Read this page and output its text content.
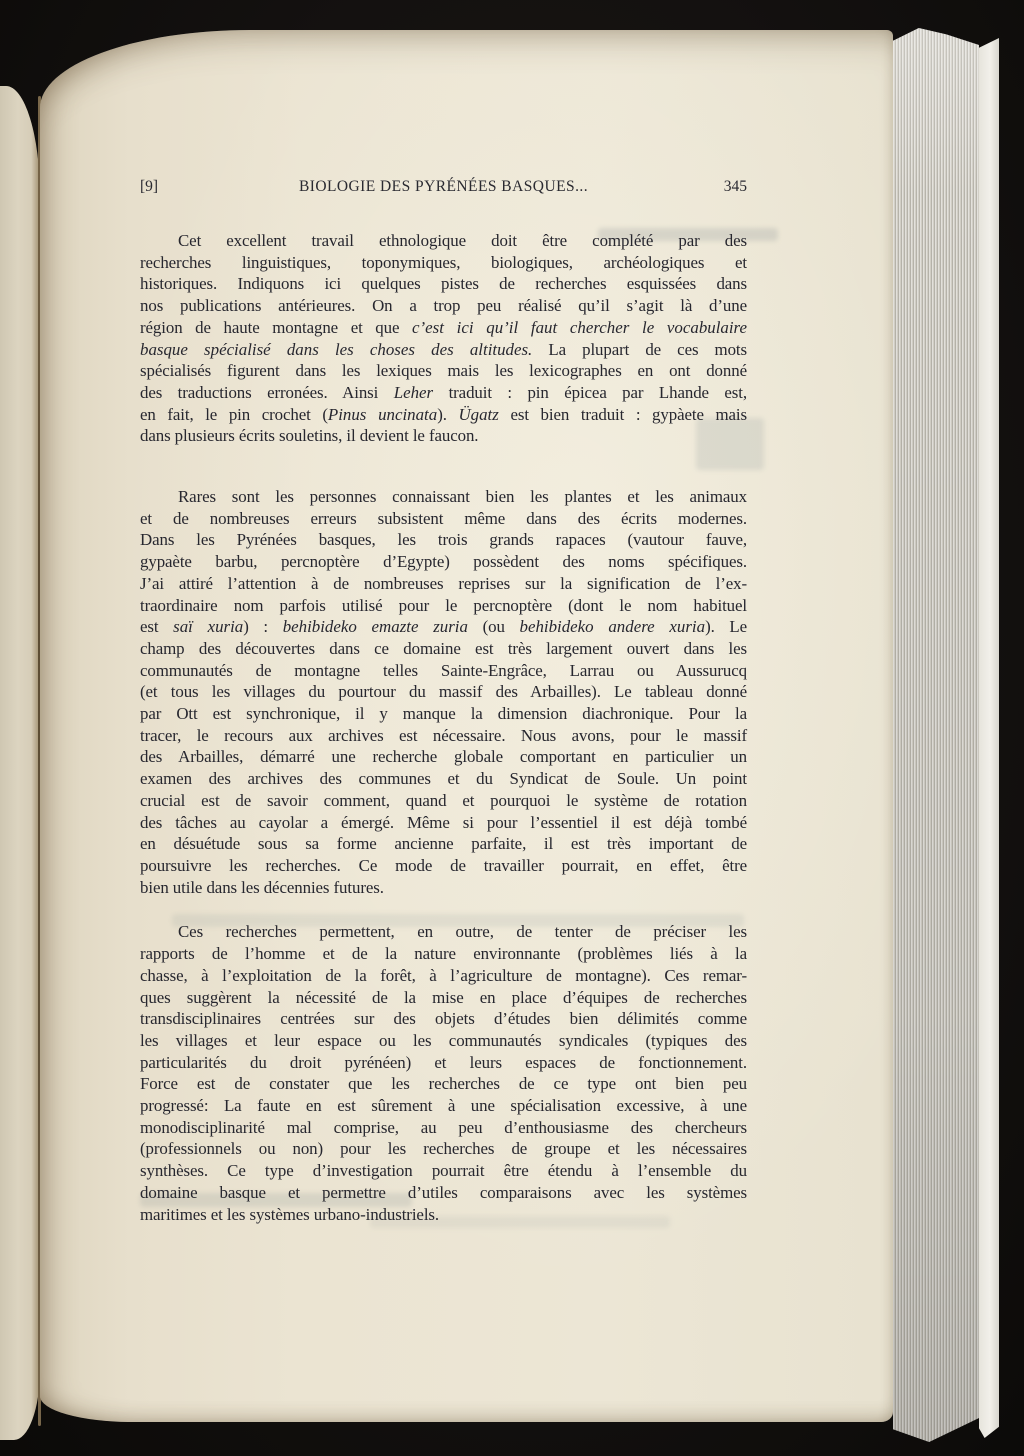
[9]	BIOLOGIE DES PYRÉNÉES BASQUES...	345
Cet excellent travail ethnologique doit être complété par des
recherches linguistiques, toponymiques, biologiques, archéologiques et
historiques. Indiquons ici quelques pistes de recherches esquissées dans
nos publications antérieures. On a trop peu réalisé qu’il s’agit là d’une
région de haute montagne et que c’est ici qu’il faut chercher le vocabulaire
basque spécialisé dans les choses des altitudes. La plupart de ces mots
spécialisés figurent dans les lexiques mais les lexicographes en ont donné
des traductions erronées. Ainsi Leher traduit : pin épicea par Lhande est,
en fait, le pin crochet (Pinus uncinata). Ügatz est bien traduit : gypàete mais
dans plusieurs écrits souletins, il devient le faucon.
Rares sont les personnes connaissant bien les plantes et les animaux
et de nombreuses erreurs subsistent même dans des écrits modernes.
Dans les Pyrénées basques, les trois grands rapaces (vautour fauve,
gypaète barbu, percnoptère d’Egypte) possèdent des noms spécifiques.
J’ai attiré l’attention à de nombreuses reprises sur la signification de l’ex-
traordinaire nom parfois utilisé pour le percnoptère (dont le nom habituel
est saï xuria) : behibideko emazte zuria (ou behibideko andere xuria). Le
champ des découvertes dans ce domaine est très largement ouvert dans les
communautés de montagne telles Sainte-Engrâce, Larrau ou Aussurucq
(et tous les villages du pourtour du massif des Arbailles). Le tableau donné
par Ott est synchronique, il y manque la dimension diachronique. Pour la
tracer, le recours aux archives est nécessaire. Nous avons, pour le massif
des Arbailles, démarré une recherche globale comportant en particulier un
examen des archives des communes et du Syndicat de Soule. Un point
crucial est de savoir comment, quand et pourquoi le système de rotation
des tâches au cayolar a émergé. Même si pour l’essentiel il est déjà tombé
en désuétude sous sa forme ancienne parfaite, il est très important de
poursuivre les recherches. Ce mode de travailler pourrait, en effet, être
bien utile dans les décennies futures.
Ces recherches permettent, en outre, de tenter de préciser les
rapports de l’homme et de la nature environnante (problèmes liés à la
chasse, à l’exploitation de la forêt, à l’agriculture de montagne). Ces remar-
ques suggèrent la nécessité de la mise en place d’équipes de recherches
transdisciplinaires centrées sur des objets d’études bien délimités comme
les villages et leur espace ou les communautés syndicales (typiques des
particularités du droit pyrénéen) et leurs espaces de fonctionnement.
Force est de constater que les recherches de ce type ont bien peu
progressé: La faute en est sûrement à une spécialisation excessive, à une
monodisciplinarité mal comprise, au peu d’enthousiasme des chercheurs
(professionnels ou non) pour les recherches de groupe et les nécessaires
synthèses. Ce type d’investigation pourrait être étendu à l’ensemble du
domaine basque et permettre d’utiles comparaisons avec les systèmes
maritimes et les systèmes urbano-industriels.
